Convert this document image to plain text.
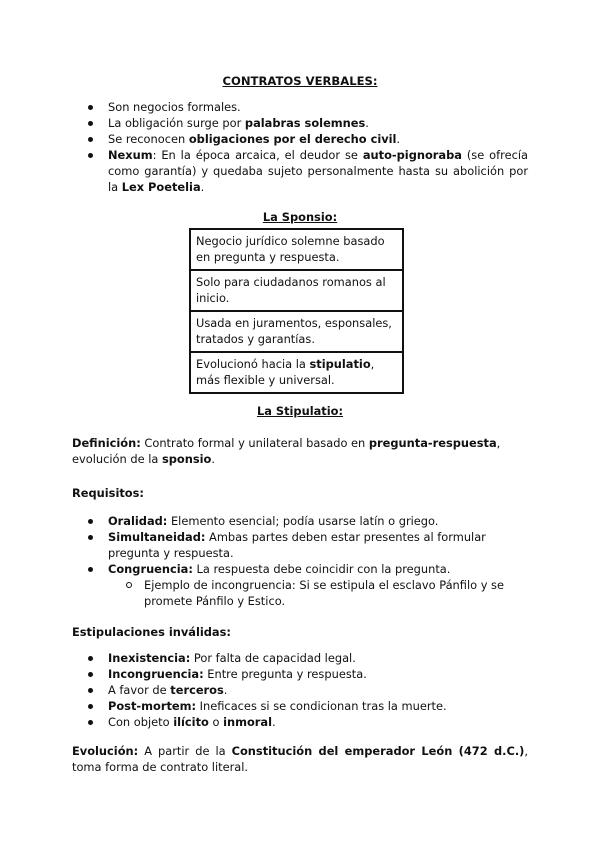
CONTRATOS VERBALES:
Son negocios formales.
La obligación surge por palabras solemnes.
Se reconocen obligaciones por el derecho civil.
Nexum: En la época arcaica, el deudor se auto-pignoraba (se ofrecía como garantía) y quedaba sujeto personalmente hasta su abolición por la Lex Poetelia.
La Sponsio:
Negocio jurídico solemne basado en pregunta y respuesta.
Solo para ciudadanos romanos al inicio.
Usada en juramentos, esponsales, tratados y garantías.
Evolucionó hacia la stipulatio, más flexible y universal.
La Stipulatio:
Definición: Contrato formal y unilateral basado en pregunta-respuesta, evolución de la sponsio.
Requisitos:
Oralidad: Elemento esencial; podía usarse latín o griego.
Simultaneidad: Ambas partes deben estar presentes al formular pregunta y respuesta.
Congruencia: La respuesta debe coincidir con la pregunta.
Ejemplo de incongruencia: Si se estipula el esclavo Pánfilo y se promete Pánfilo y Estico.
Estipulaciones inválidas:
Inexistencia: Por falta de capacidad legal.
Incongruencia: Entre pregunta y respuesta.
A favor de terceros.
Post-mortem: Ineficaces si se condicionan tras la muerte.
Con objeto ilícito o inmoral.
Evolución: A partir de la Constitución del emperador León (472 d.C.), toma forma de contrato literal.
